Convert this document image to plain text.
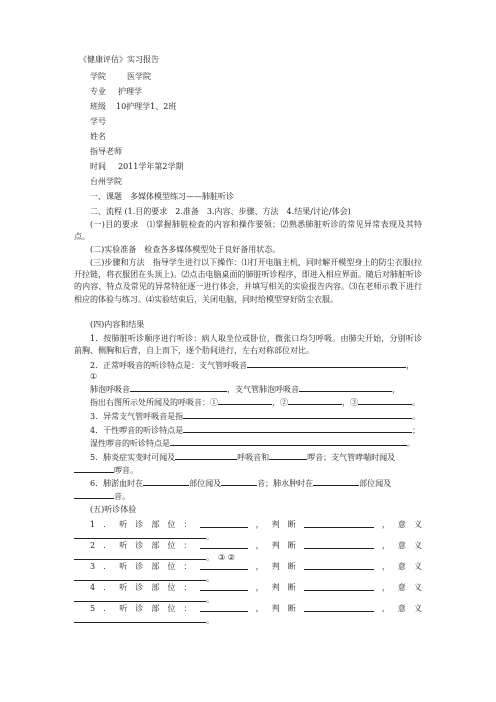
《健康评估》实习报告
学院	医学院
专业 护理学
班级 10护理学1、2班
学号
姓名
指导老师
时间 2011学年第2学期
台州学院
一、课题　多媒体模型练习——肺脏听诊
二、流程 (1.目的要求　2.准备　3.内容、步骤、方法　4.结果/讨论/体会)
(一)目的要求　⑴掌握肺脏检查的内容和操作要领；⑵熟悉肺脏听诊的常见异常表现及其特点。
(二)实验准备　检查各多媒体模型处于良好备用状态。
(三)步骤和方法　指导学生进行以下操作：⑴打开电脑主机，同时解开模型身上的防尘衣服(拉开拉链，将衣服团在头顶上)。⑵点击电脑桌面的肺脏听诊程序，即进入相应界面。随后对肺脏听诊的内容、特点及常见的异常特征逐一进行体会，并填写相关的实验报告内容。⑶在老师示教下进行相应的体验与练习。⑷实验结束后，关闭电脑，同时给模型穿好防尘衣服。
(四)内容和结果
1．按肺脏听诊顺序进行听诊：病人取坐位或卧位，微张口均匀呼吸。由肺尖开始，分别听诊前胸、侧胸和后背，自上而下，逐个肋间进行，左右对称部位对比。
2．正常呼吸音的听诊特点是：支气管呼吸音	，
①
肺泡呼吸音	，支气管肺泡呼吸音	，
指出右图所示处所闻及的呼吸音：①	，②	，③	。
3．异常支气管呼吸音是指	。
4．干性啰音的听诊特点是	；
湿性啰音的听诊特点是	。
5．肺炎症实变时可闻及	呼吸音和	啰音；支气管哮喘时闻及
啰音。
6．肺淤血时在	部位闻及	音；肺水肿时在	部位闻及
音。
(五)听诊体验
1 ． 听 诊 部 位 ：	， 判 断	， 意 义
。
2 ． 听 诊 部 位 ：	， 判 断	， 意 义
。 ③ ②
3 ． 听 诊 部 位 ：	， 判 断	， 意 义
。
4 ． 听 诊 部 位 ：	， 判 断	， 意 义
。
5 ． 听 诊 部 位 ：	， 判 断	， 意 义
。
